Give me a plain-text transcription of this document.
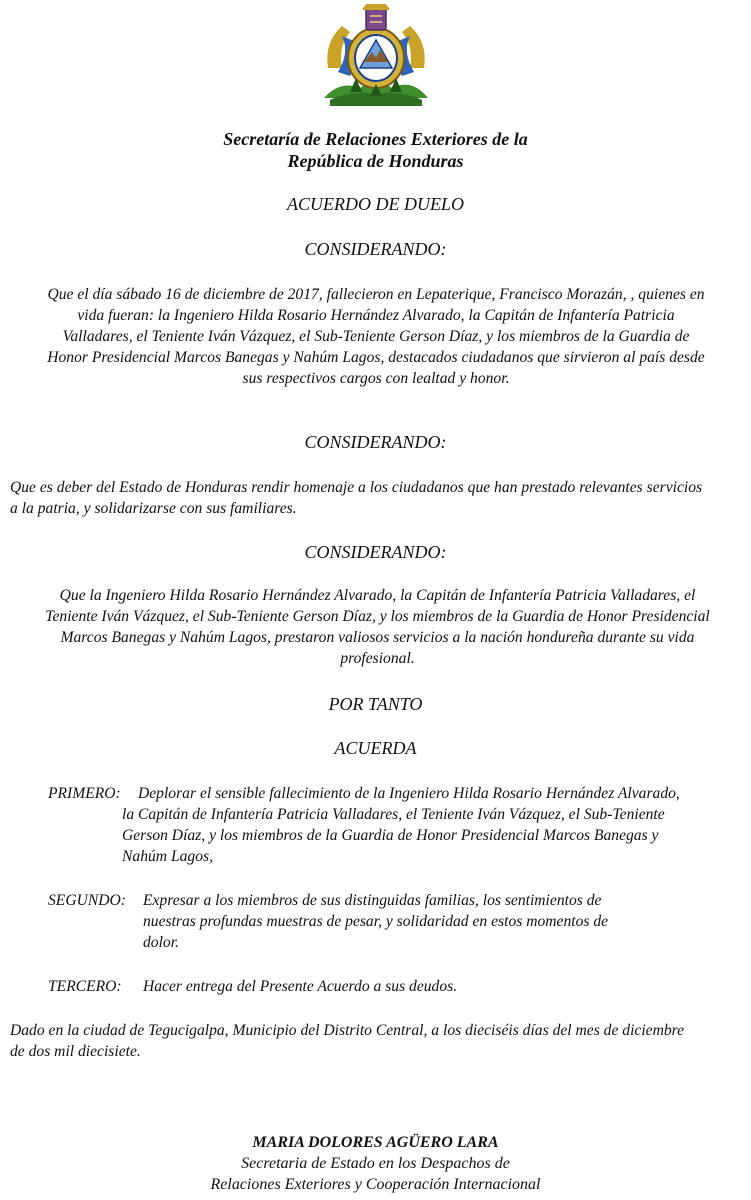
Secretaría de Relaciones Exteriores de la
República de Honduras
ACUERDO DE DUELO
CONSIDERANDO:
Que el día sábado 16 de diciembre de 2017, fallecieron en Lepaterique, Francisco Morazán, , quienes en
vida fueran: la Ingeniero Hilda Rosario Hernández Alvarado, la Capitán de Infantería Patricia
Valladares, el Teniente Iván Vázquez, el Sub-Teniente Gerson Díaz, y los miembros de la Guardia de
Honor Presidencial Marcos Banegas y Nahúm Lagos, destacados ciudadanos que sirvieron al país desde
sus respectivos cargos con lealtad y honor.
CONSIDERANDO:
Que es deber del Estado de Honduras rendir homenaje a los ciudadanos que han prestado relevantes servicios
a la patria, y solidarizarse con sus familiares.
CONSIDERANDO:
Que la Ingeniero Hilda Rosario Hernández Alvarado, la Capitán de Infantería Patricia Valladares, el
Teniente Iván Vázquez, el Sub-Teniente Gerson Díaz, y los miembros de la Guardia de Honor Presidencial
Marcos Banegas y Nahúm Lagos, prestaron valiosos servicios a la nación hondureña durante su vida
profesional.
POR TANTO
ACUERDA
PRIMERO: Deplorar el sensible fallecimiento de la Ingeniero Hilda Rosario Hernández Alvarado,
la Capitán de Infantería Patricia Valladares, el Teniente Iván Vázquez, el Sub-Teniente
Gerson Díaz, y los miembros de la Guardia de Honor Presidencial Marcos Banegas y
Nahúm Lagos,
SEGUNDO: Expresar a los miembros de sus distinguidas familias, los sentimientos de
nuestras profundas muestras de pesar, y solidaridad en estos momentos de
dolor.
TERCERO: Hacer entrega del Presente Acuerdo a sus deudos.
Dado en la ciudad de Tegucigalpa, Municipio del Distrito Central, a los dieciséis días del mes de diciembre
de dos mil diecisiete.
MARIA DOLORES AGÜERO LARA
Secretaria de Estado en los Despachos de
Relaciones Exteriores y Cooperación Internacional
